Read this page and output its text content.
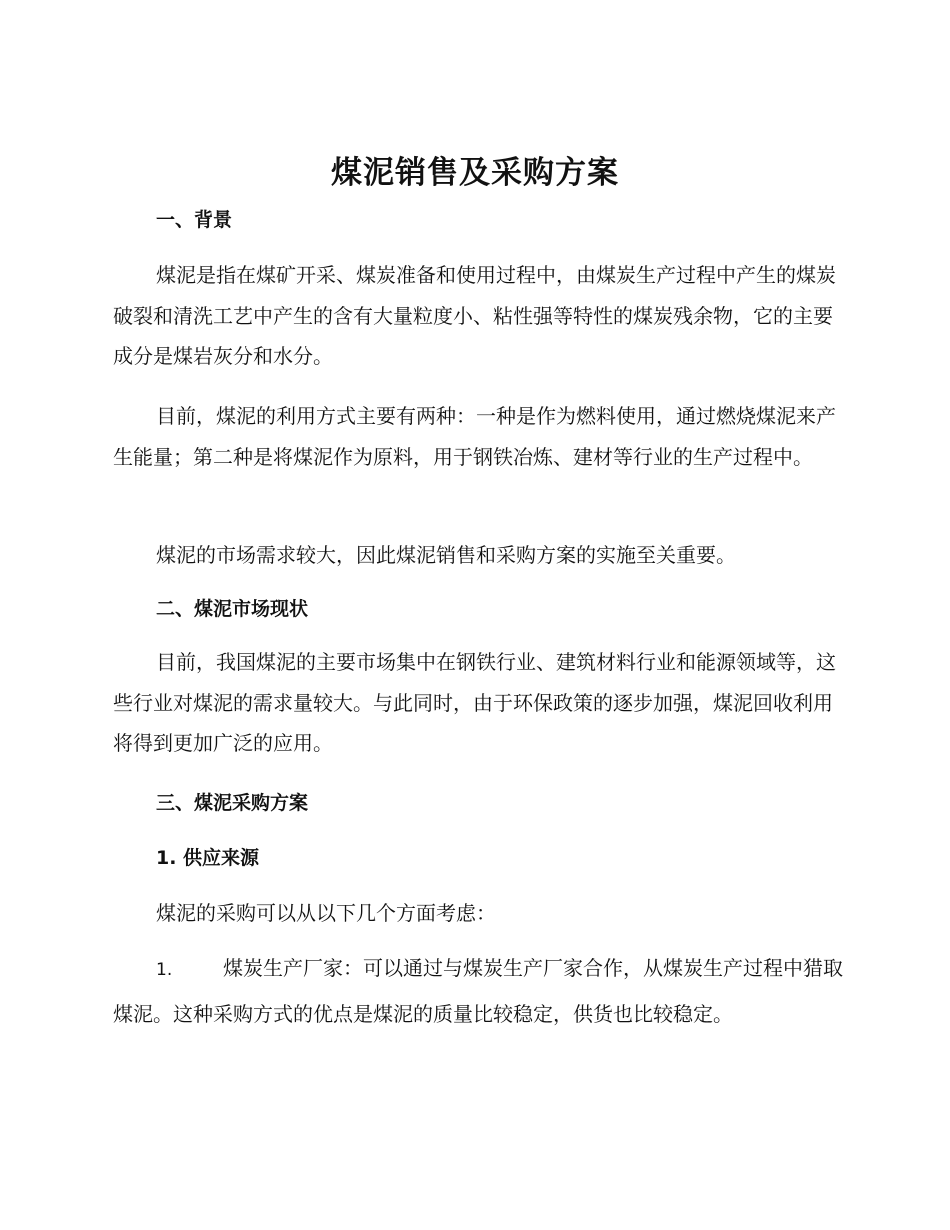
煤泥销售及采购方案
一、背景

煤泥是指在煤矿开采、煤炭准备和使用过程中，由煤炭生产过程中产生的煤炭破裂和清洗工艺中产生的含有大量粒度小、粘性强等特性的煤炭残余物，它的主要成分是煤岩灰分和水分。

目前，煤泥的利用方式主要有两种：一种是作为燃料使用，通过燃烧煤泥来产生能量；第二种是将煤泥作为原料，用于钢铁冶炼、建材等行业的生产过程中。

煤泥的市场需求较大，因此煤泥销售和采购方案的实施至关重要。

二、煤泥市场现状

目前，我国煤泥的主要市场集中在钢铁行业、建筑材料行业和能源领域等，这些行业对煤泥的需求量较大。与此同时，由于环保政策的逐步加强，煤泥回收利用将得到更加广泛的应用。

三、煤泥采购方案
1. 供应来源

煤泥的采购可以从以下几个方面考虑：

1.	煤炭生产厂家：可以通过与煤炭生产厂家合作，从煤炭生产过程中猎取煤泥。这种采购方式的优点是煤泥的质量比较稳定，供货也比较稳定。
